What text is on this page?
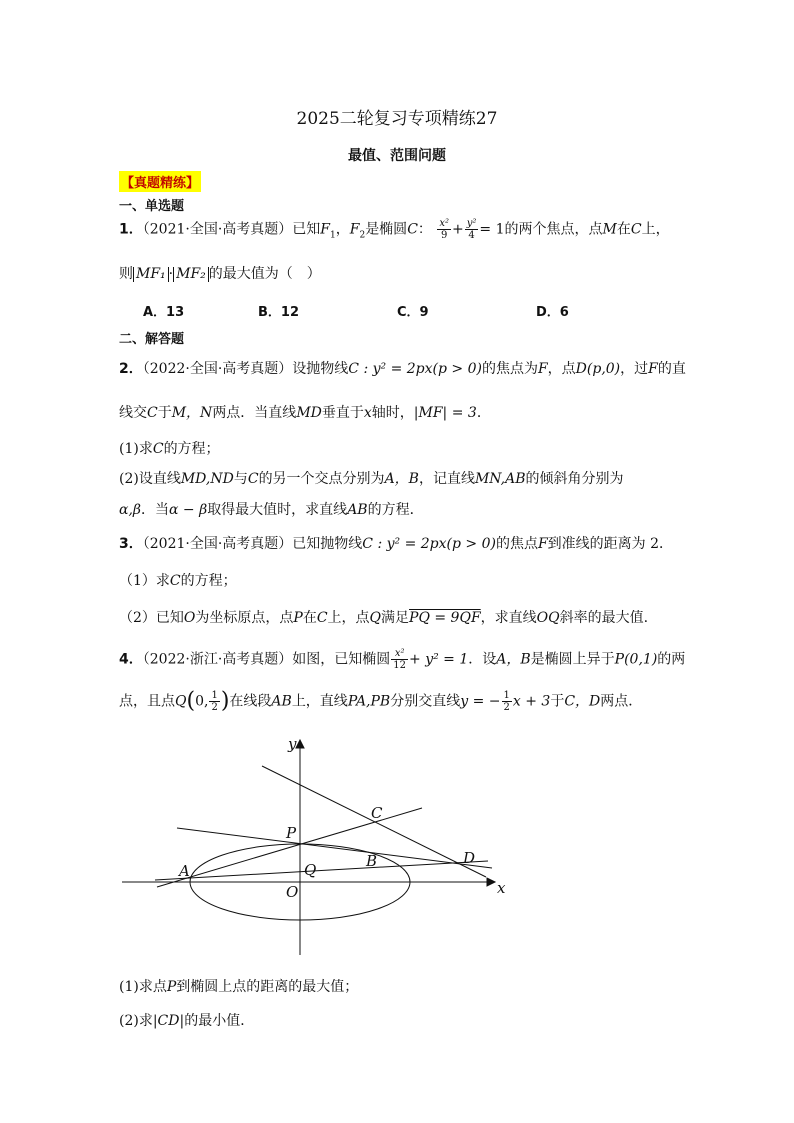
2025二轮复习专项精练27
最值、范围问题
【真题精练】
一、单选题
1．（2021·全国·高考真题）已知$F_1$，$F_2$是椭圆C： $\frac{\text{x²}}{9} + \frac{\text{y²}}{4} = 1$的两个焦点，点M在C上，
则 MF₁ · MF₂ 的最大值为（　）
A．13	B．12	C．9	D．6
二、解答题
2．（2022·全国·高考真题）设抛物线C : y² = 2px(p > 0)的焦点为F，点D(p,0)，过F的直
线交C于M，N两点．当直线MD垂直于x轴时，|MF| = 3．
(1)求C的方程；
(2)设直线MD,ND与C的另一个交点分别为A，B，记直线MN,AB的倾斜角分别为
α,β．当α − β取得最大值时，求直线AB的方程．
3．（2021·全国·高考真题）已知抛物线C : y² = 2px(p > 0)的焦点F到准线的距离为 2．
（1）求C的方程；
（2）已知O为坐标原点，点P在C上，点Q满足PQ = 9QF，求直线OQ斜率的最大值.
4．（2022·浙江·高考真题）如图，已知椭圆 $\frac{\text{x²}}{12} + y^2 = 1$．设A，B是椭圆上异于P(0,1)的两
点，且点Q(0, $\frac{1}{2}$ )在线段AB上，直线PA,PB分别交直线y = − $\frac{1}{2}$ x + 3于C，D两点．
y
x
O
P
Q
A
B
C
D
(1)求点P到椭圆上点的距离的最大值；
(2)求|CD|的最小值．
